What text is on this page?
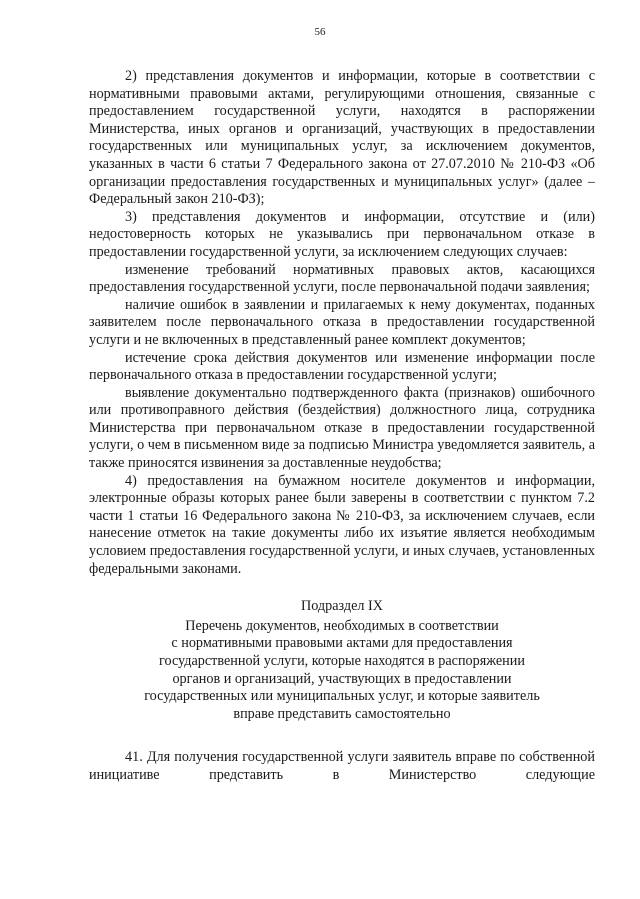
56

2) представления документов и информации, которые в соответствии с нормативными правовыми актами, регулирующими отношения, связанные с предоставлением государственной услуги, находятся в распоряжении Министерства, иных органов и организаций, участвующих в предоставлении государственных или муниципальных услуг, за исключением документов, указанных в части 6 статьи 7 Федерального закона от 27.07.2010 № 210-ФЗ «Об организации предоставления государственных и муниципальных услуг» (далее – Федеральный закон 210-ФЗ);

3) представления документов и информации, отсутствие и (или) недостоверность которых не указывались при первоначальном отказе в предоставлении государственной услуги, за исключением следующих случаев:

изменение требований нормативных правовых актов, касающихся предоставления государственной услуги, после первоначальной подачи заявления;

наличие ошибок в заявлении и прилагаемых к нему документах, поданных заявителем после первоначального отказа в предоставлении государственной услуги и не включенных в представленный ранее комплект документов;

истечение срока действия документов или изменение информации после первоначального отказа в предоставлении государственной услуги;

выявление документально подтвержденного факта (признаков) ошибочного или противоправного действия (бездействия) должностного лица, сотрудника Министерства при первоначальном отказе в предоставлении государственной услуги, о чем в письменном виде за подписью Министра уведомляется заявитель, а также приносятся извинения за доставленные неудобства;

4) предоставления на бумажном носителе документов и информации, электронные образы которых ранее были заверены в соответствии с пунктом 7.2 части 1 статьи 16 Федерального закона № 210-ФЗ, за исключением случаев, если нанесение отметок на такие документы либо их изъятие является необходимым условием предоставления государственной услуги, и иных случаев, установленных федеральными законами.

Подраздел IX
Перечень документов, необходимых в соответствии
с нормативными правовыми актами для предоставления
государственной услуги, которые находятся в распоряжении
органов и организаций, участвующих в предоставлении
государственных или муниципальных услуг, и которые заявитель
вправе представить самостоятельно

41. Для получения государственной услуги заявитель вправе по собственной инициативе представить в Министерство следующие
